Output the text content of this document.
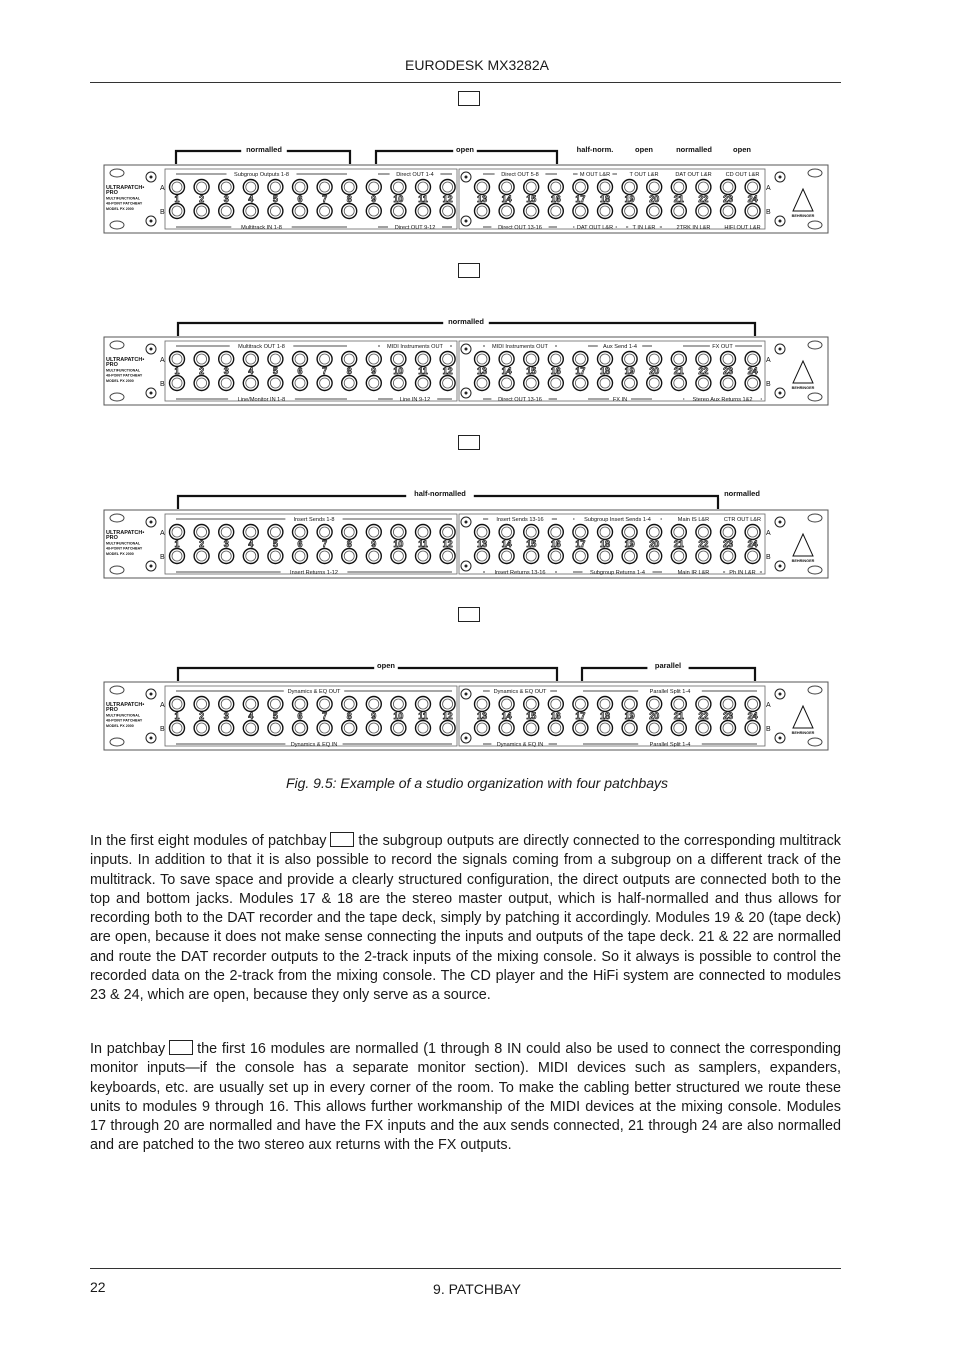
EURODESK MX3282A
normalled	open	half-norm.	open	normalled	open
ULTRAPATCH•
PRO
MULTIFUNCTIONAL
48-POINT PATCHBAY
MODEL PX 2000
A
B
A
B	BEHRINGER
1 2 3 4 5 6 7 8 9 10 11 12	13 14 15 16 17 18 19 20 21 22 23 24
Subgroup Outputs 1-8	Direct OUT 1-4	Direct OUT 5-8	M OUT L&R	T OUT L&R	DAT OUT L&R CD OUT L&R
Multitrack IN 1-8	Direct OUT 9-12	Direct OUT 13-16	DAT OUT L&R	T IN L&R	2TRK IN L&R HIFI OUT L&R
normalled
ULTRAPATCH•
PRO
MULTIFUNCTIONAL
48-POINT PATCHBAY
MODEL PX 2000
A
B
A
B	BEHRINGER
1 2 3 4 5 6 7 8 9 10 11 12	13 14 15 16 17 18 19 20 21 22 23 24
Multitrack OUT 1-8	MIDI Instruments OUT	MIDI Instruments OUT	Aux Send 1-4	FX OUT
Line/Monitor IN 1-8	Line IN 9-12	Direct OUT 13-16	FX IN	Stereo Aux Returns 1&2
half-normalled	normalled
ULTRAPATCH•
PRO
MULTIFUNCTIONAL
48-POINT PATCHBAY
MODEL PX 2000
A
B
A
B	BEHRINGER
1 2 3 4 5 6 7 8 9 10 11 12	13 14 15 16 17 18 19 20 21 22 23 24
Insert Sends 1-8	Insert Sends 13-16	Subgroup Insert Sends 1-4	Main IS L&R	CTR OUT L&R
Insert Returns 1-12	Insert Returns 13-16	Subgroup Returns 1-4	Main IR L&R	Ph IN L&R
open	parallel
ULTRAPATCH•
PRO
MULTIFUNCTIONAL
48-POINT PATCHBAY
MODEL PX 2000
A
B
A
B	BEHRINGER
1 2 3 4 5 6 7 8 9 10 11 12	13 14 15 16 17 18 19 20 21 22 23 24
Dynamics & EQ OUT	Dynamics & EQ OUT	Parallel Split 1-4
Dynamics & EQ IN	Dynamics & EQ IN	Parallel Split 1-4
Fig. 9.5: Example of a studio organization with four patchbays
In the first eight modules of patchbay the subgroup outputs are directly connected to the corresponding multitrack inputs. In addition to that it is also possible to record the signals coming from a subgroup on a different track of the multitrack. To save space and provide a clearly structured configuration, the direct outputs are connected both to the top and bottom jacks. Modules 17 & 18 are the stereo master output, which is half-normalled and thus allows for recording both to the DAT recorder and the tape deck, simply by patching it accordingly. Modules 19 & 20 (tape deck) are open, because it does not make sense connecting the inputs and outputs of the tape deck. 21 & 22 are normalled and route the DAT recorder outputs to the 2-track inputs of the mixing console. So it always is possible to control the recorded data on the 2-track from the mixing console. The CD player and the HiFi system are connected to modules 23 & 24, which are open, because they only serve as a source.
In patchbay the first 16 modules are normalled (1 through 8 IN could also be used to connect the corresponding monitor inputs—if the console has a separate monitor section). MIDI devices such as samplers, expanders, keyboards, etc. are usually set up in every corner of the room. To make the cabling better structured we route these units to modules 9 through 16. This allows further workmanship of the MIDI devices at the mixing console. Modules 17 through 20 are normalled and have the FX inputs and the aux sends connected, 21 through 24 are also normalled and are patched to the two stereo aux returns with the FX outputs.
22	9. PATCHBAY
